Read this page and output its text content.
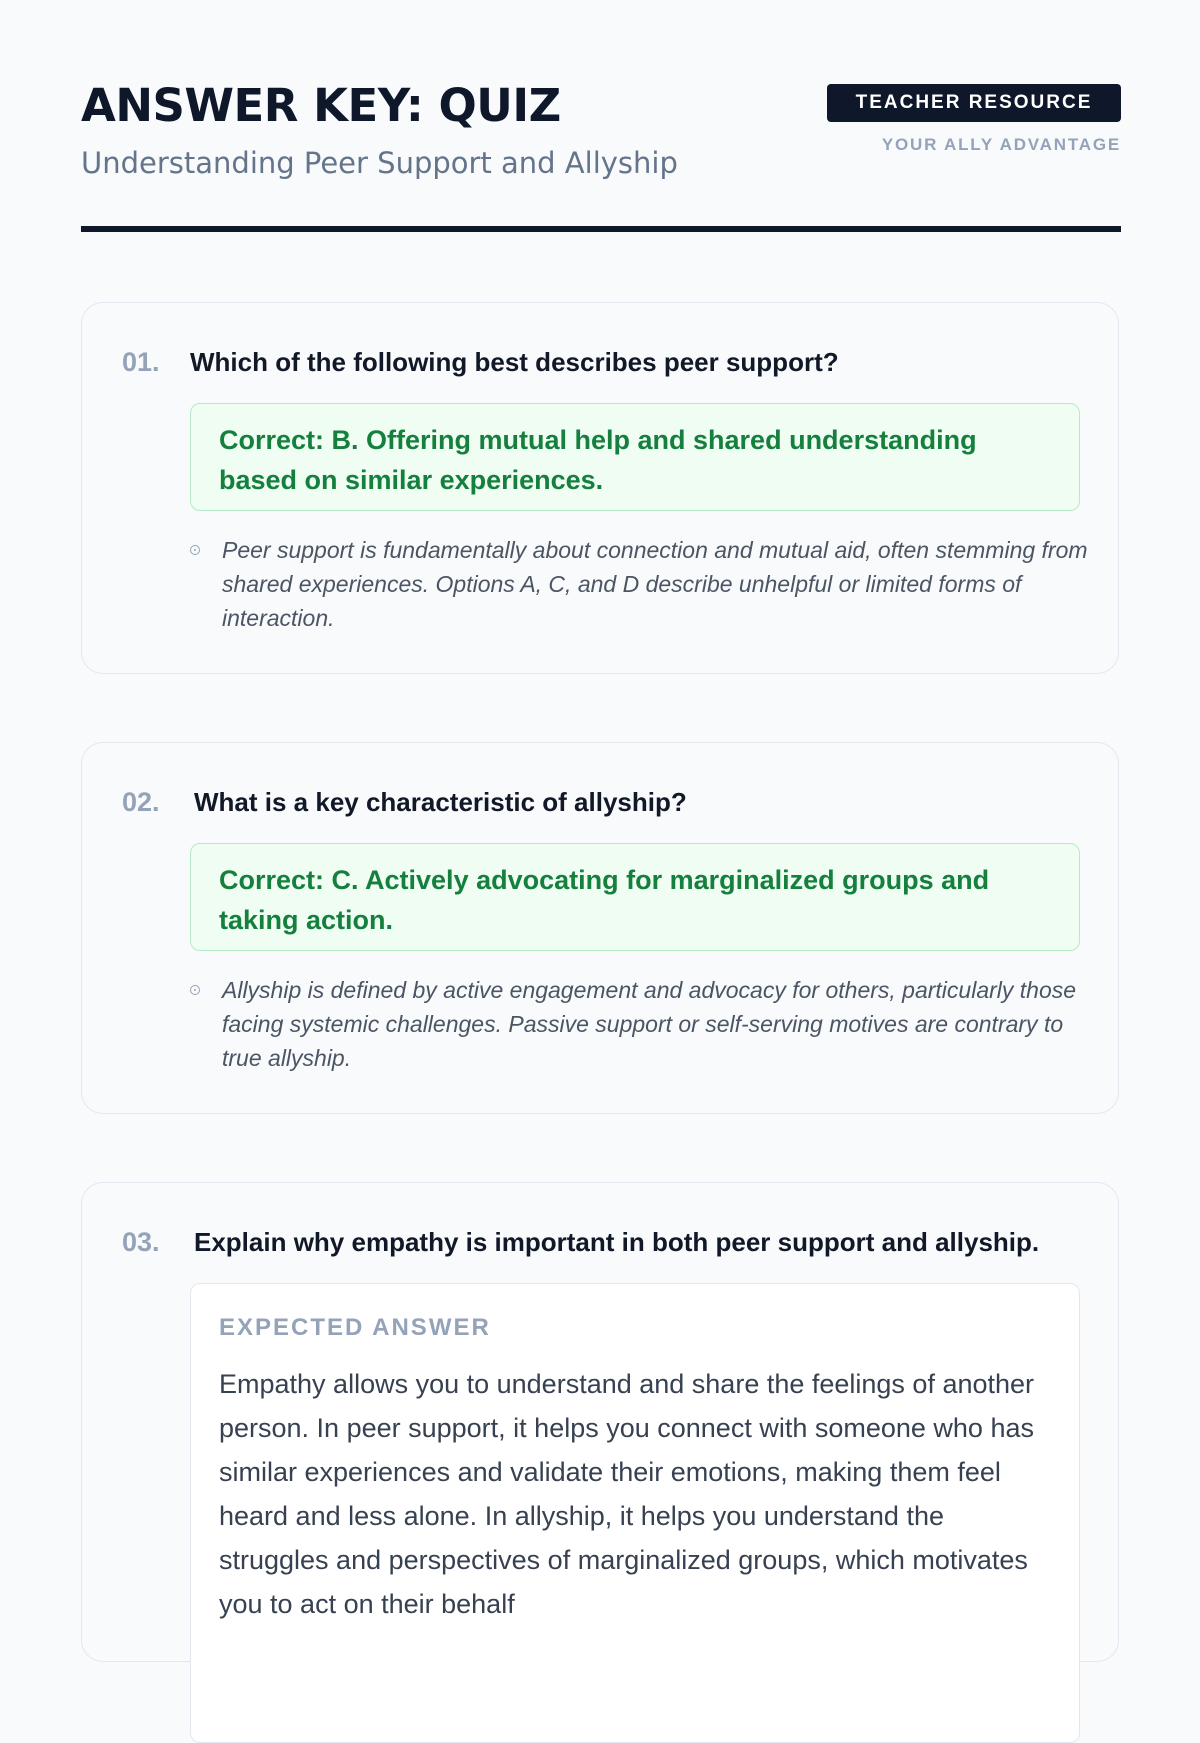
ANSWER KEY: QUIZ
Understanding Peer Support and Allyship
TEACHER RESOURCE
YOUR ALLY ADVANTAGE
01. Which of the following best describes peer support?
Correct: B. Offering mutual help and shared understanding based on similar experiences.
Peer support is fundamentally about connection and mutual aid, often stemming from shared experiences. Options A, C, and D describe unhelpful or limited forms of interaction.
02. What is a key characteristic of allyship?
Correct: C. Actively advocating for marginalized groups and taking action.
Allyship is defined by active engagement and advocacy for others, particularly those facing systemic challenges. Passive support or self-serving motives are contrary to true allyship.
03. Explain why empathy is important in both peer support and allyship.
EXPECTED ANSWER
Empathy allows you to understand and share the feelings of another person. In peer support, it helps you connect with someone who has similar experiences and validate their emotions, making them feel heard and less alone. In allyship, it helps you understand the struggles and perspectives of marginalized groups, which motivates you to act on their behalf
